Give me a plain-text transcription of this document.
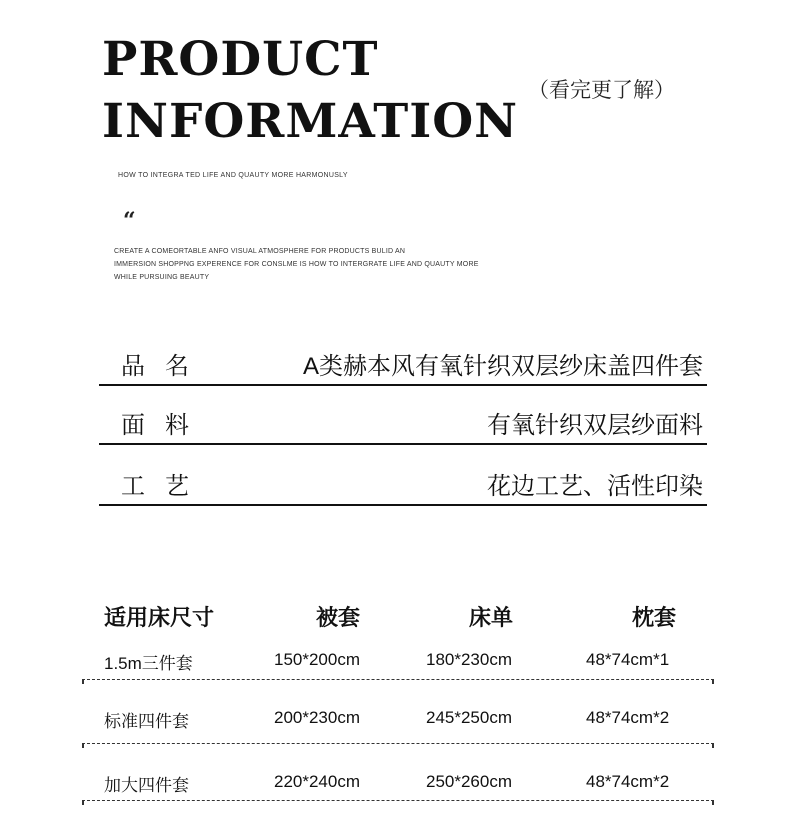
PRODUCT
INFORMATION
（看完更了解）
HOW TO INTEGRA TED LIFE AND QUAUTY MORE HARMONUSLY
“
CREATE A COMEORTABLE ANFO VISUAL ATMOSPHERE FOR PRODUCTS BULID AN
IMMERSION SHOPPNG EXPERENCE FOR CONSLME IS HOW TO INTERGRATE LIFE AND QUAUTY MORE
WHILE PURSUING BEAUTY
品名	A类赫本风有氧针织双层纱床盖四件套
面料	有氧针织双层纱面料
工艺	花边工艺、活性印染
适用床尺寸	被套	床单	枕套
1.5m三件套	150*200cm	180*230cm	48*74cm*1
标准四件套	200*230cm	245*250cm	48*74cm*2
加大四件套	220*240cm	250*260cm	48*74cm*2
